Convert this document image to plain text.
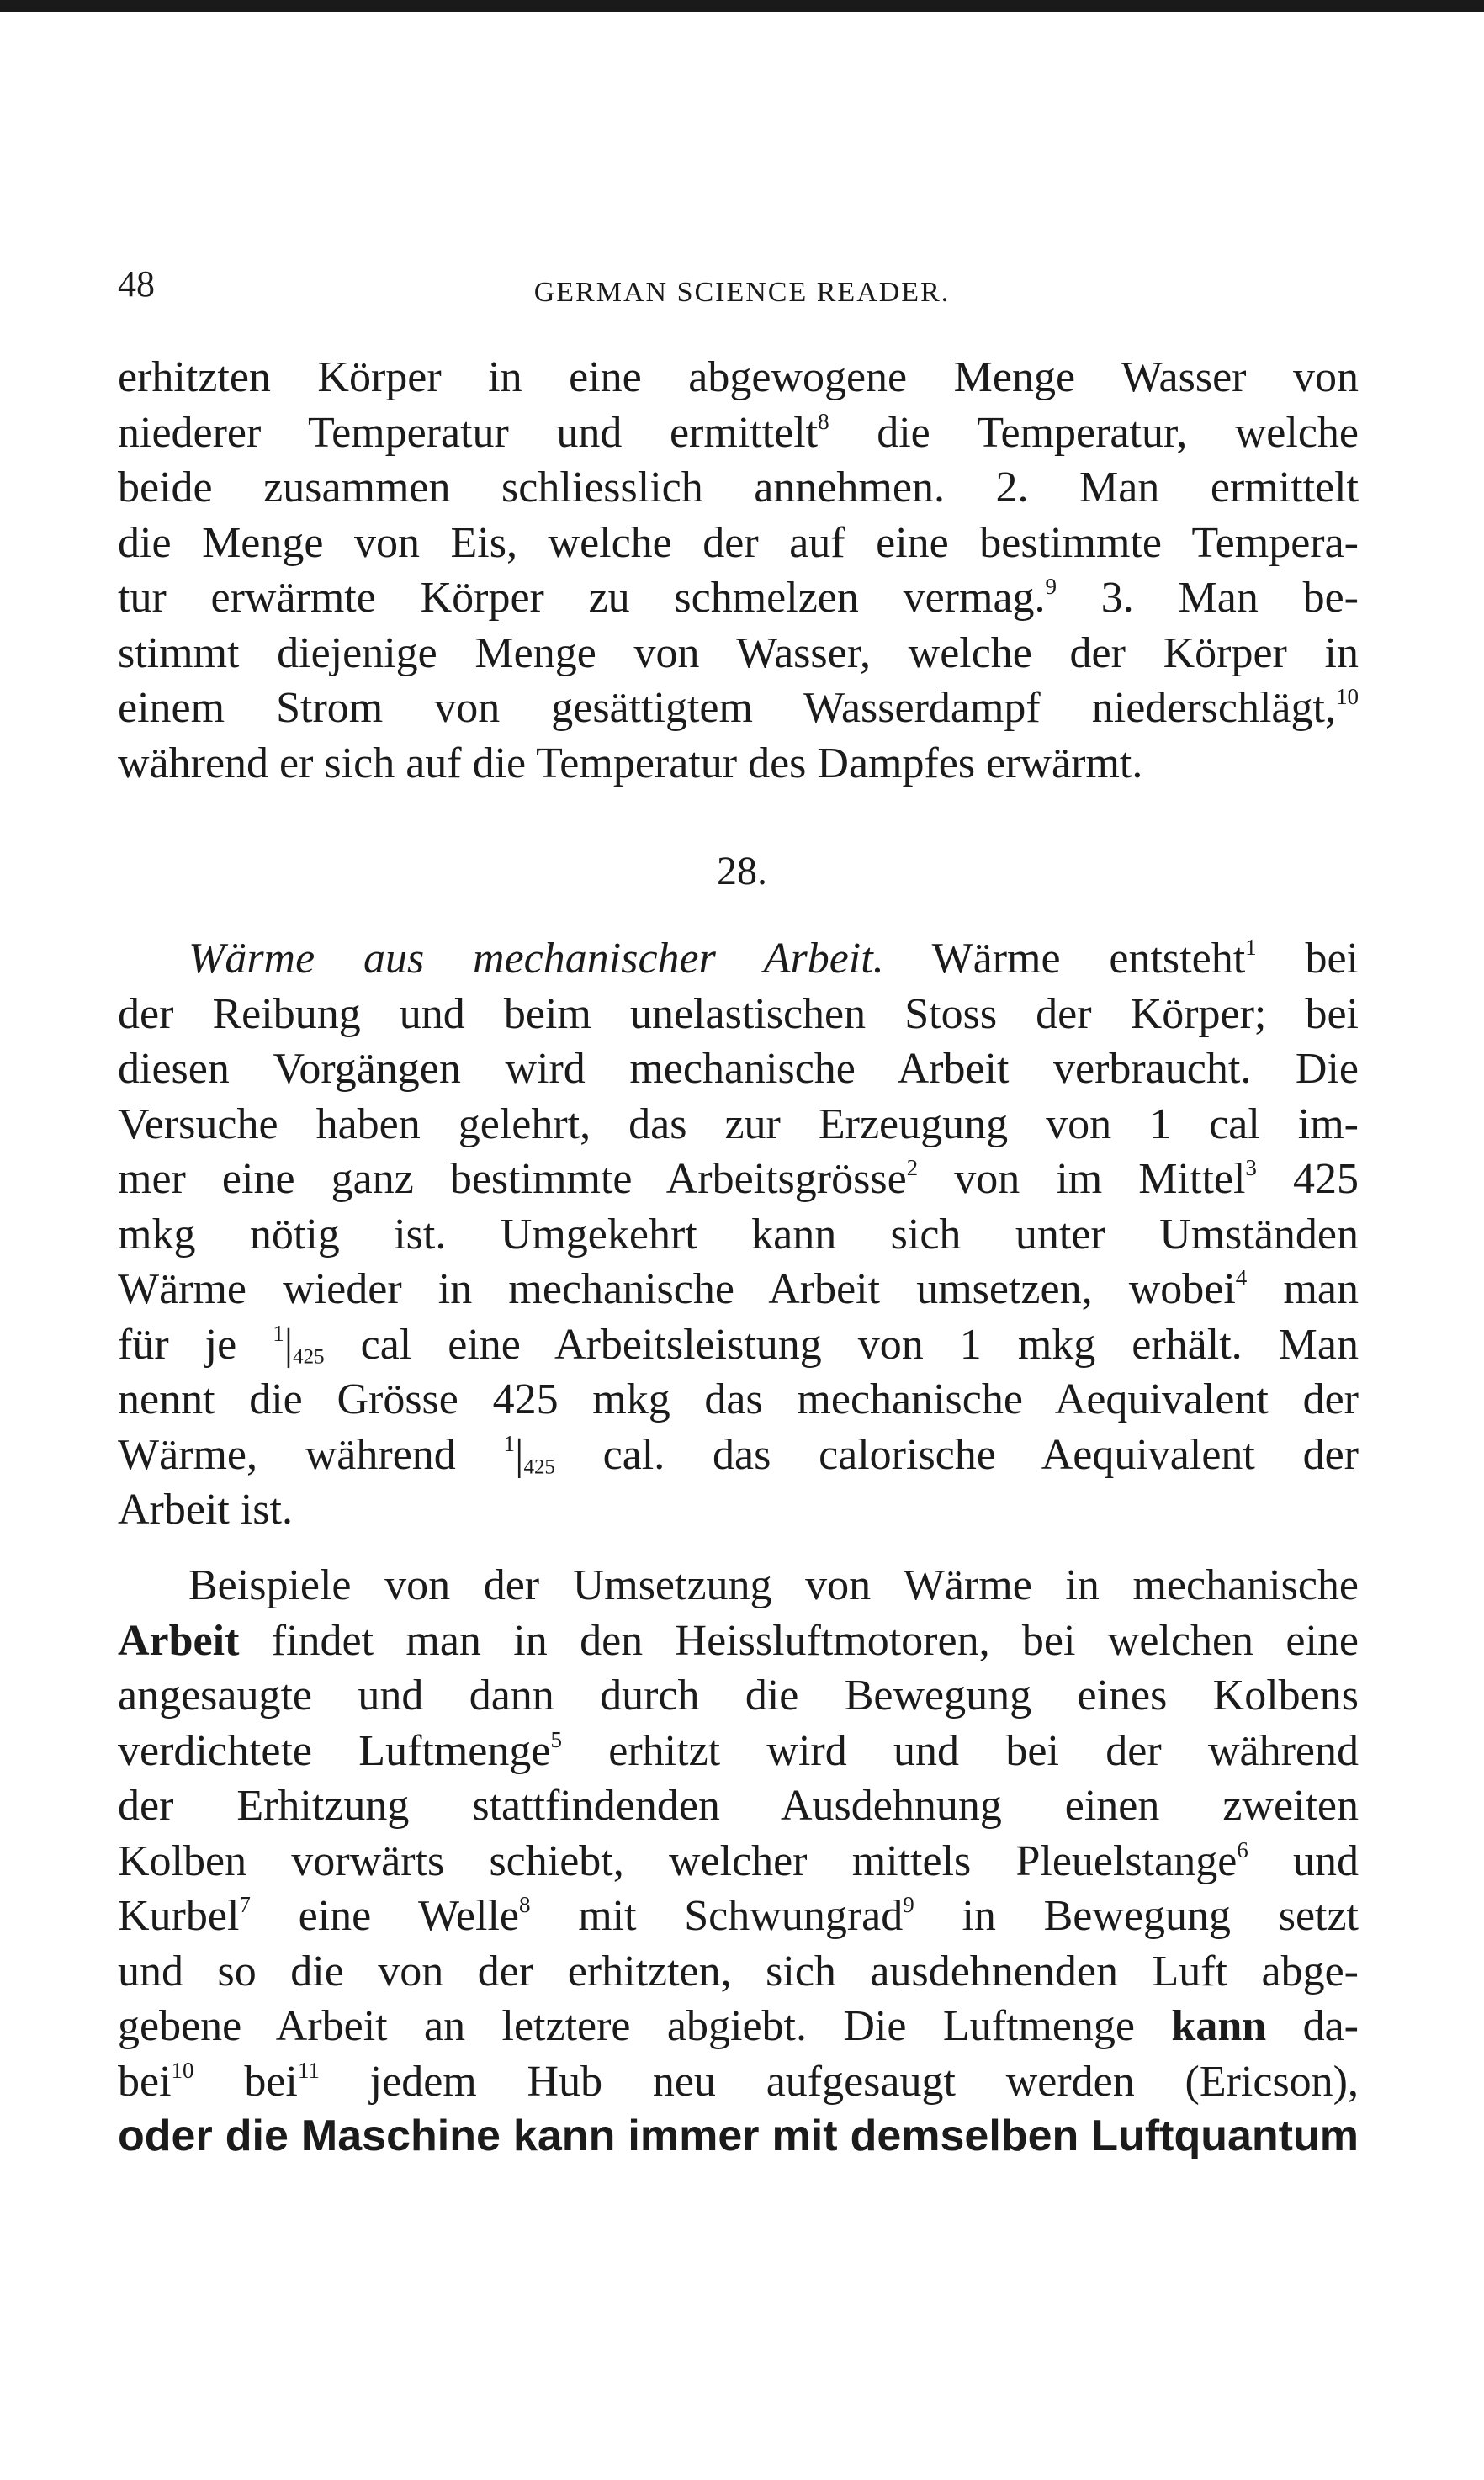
48	GERMAN SCIENCE READER.
erhitzten Körper in eine abgewogene Menge Wasser von
niederer Temperatur und ermittelt$^8$ die Temperatur, welche
beide zusammen schliesslich annehmen. 2. Man ermittelt
die Menge von Eis, welche der auf eine bestimmte Tempera-
tur erwärmte Körper zu schmelzen vermag.$^9$ 3. Man be-
stimmt diejenige Menge von Wasser, welche der Körper in
einem Strom von gesättigtem Wasserdampf niederschlägt,$^{10}$
während er sich auf die Temperatur des Dampfes erwärmt.
28.
Wärme aus mechanischer Arbeit. Wärme entsteht$^1$ bei
der Reibung und beim unelastischen Stoss der Körper; bei
diesen Vorgängen wird mechanische Arbeit verbraucht. Die
Versuche haben gelehrt, das zur Erzeugung von 1 cal im-
mer eine ganz bestimmte Arbeitsgrösse$^2$ von im Mittel$^3$ 425
mkg nötig ist. Umgekehrt kann sich unter Umständen
Wärme wieder in mechanische Arbeit umsetzen, wobei$^4$ man
für je $^1|_{425}$ cal eine Arbeitsleistung von 1 mkg erhält. Man
nennt die Grösse 425 mkg das mechanische Aequivalent der
Wärme, während $^1|_{425}$ cal. das calorische Aequivalent der
Arbeit ist.
Beispiele von der Umsetzung von Wärme in mechanische
Arbeit findet man in den Heissluftmotoren, bei welchen eine
angesaugte und dann durch die Bewegung eines Kolbens
verdichtete Luftmenge$^5$ erhitzt wird und bei der während
der Erhitzung stattfindenden Ausdehnung einen zweiten
Kolben vorwärts schiebt, welcher mittels Pleuelstange$^6$ und
Kurbel$^7$ eine Welle$^8$ mit Schwungrad$^9$ in Bewegung setzt
und so die von der erhitzten, sich ausdehnenden Luft abge-
gebene Arbeit an letztere abgiebt. Die Luftmenge kann da-
bei$^{10}$ bei$^{11}$ jedem Hub neu aufgesaugt werden (Ericson),
oder die Maschine kann immer mit demselben Luftquantum
